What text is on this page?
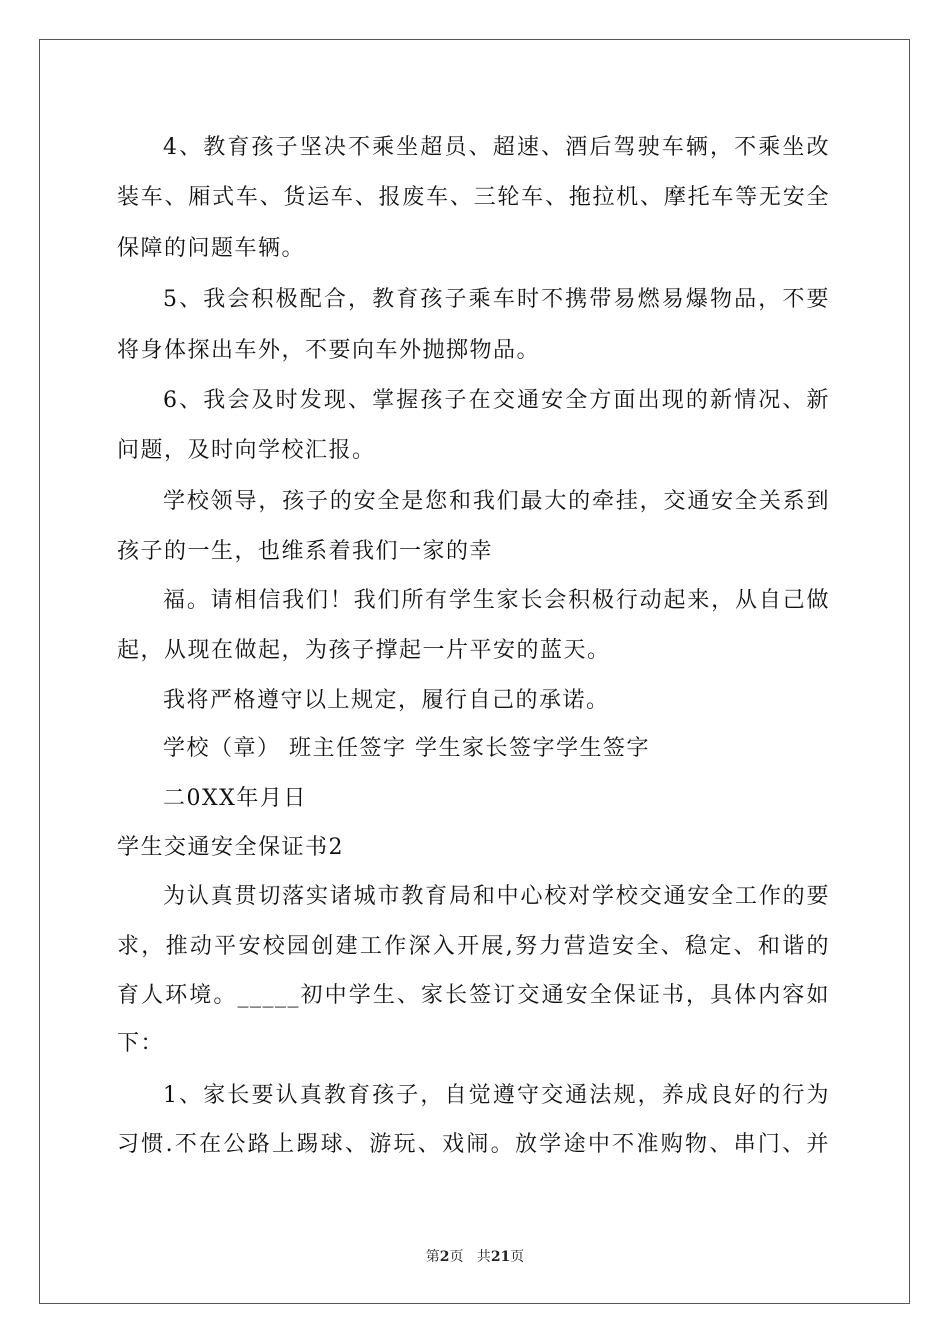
4、教育孩子坚决不乘坐超员、超速、酒后驾驶车辆，不乘坐改
装车、厢式车、货运车、报废车、三轮车、拖拉机、摩托车等无安全
保障的问题车辆。
5、我会积极配合，教育孩子乘车时不携带易燃易爆物品，不要
将身体探出车外，不要向车外抛掷物品。
6、我会及时发现、掌握孩子在交通安全方面出现的新情况、新
问题，及时向学校汇报。
学校领导，孩子的安全是您和我们最大的牵挂，交通安全关系到
孩子的一生，也维系着我们一家的幸
福。请相信我们！我们所有学生家长会积极行动起来，从自己做
起，从现在做起，为孩子撑起一片平安的蓝天。
我将严格遵守以上规定，履行自己的承诺。
学校（章） 班主任签字 学生家长签字学生签字
二0XX年月日
学生交通安全保证书2
为认真贯切落实诸城市教育局和中心校对学校交通安全工作的要
求，推动平安校园创建工作深入开展,努力营造安全、稳定、和谐的
育人环境。_____初中学生、家长签订交通安全保证书，具体内容如
下：
1、家长要认真教育孩子，自觉遵守交通法规，养成良好的行为
习惯.不在公路上踢球、游玩、戏闹。放学途中不准购物、串门、并
第2页   共21页
